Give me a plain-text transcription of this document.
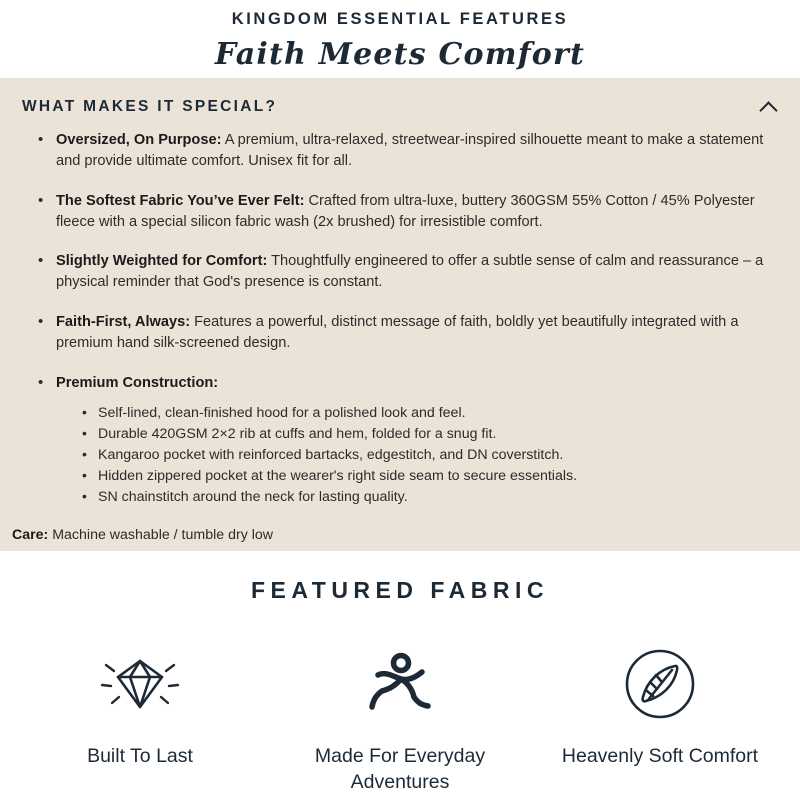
KINGDOM ESSENTIAL FEATURES
Faith Meets Comfort
WHAT MAKES IT SPECIAL?
• Oversized, On Purpose: A premium, ultra-relaxed, streetwear-inspired silhouette meant to make a statement and provide ultimate comfort. Unisex fit for all.
• The Softest Fabric You’ve Ever Felt: Crafted from ultra-luxe, buttery 360GSM 55% Cotton / 45% Polyester fleece with a special silicon fabric wash (2x brushed) for irresistible comfort.
• Slightly Weighted for Comfort: Thoughtfully engineered to offer a subtle sense of calm and reassurance – a physical reminder that God's presence is constant.
• Faith-First, Always: Features a powerful, distinct message of faith, boldly yet beautifully integrated with a premium hand silk-screened design.
• Premium Construction:
• Self-lined, clean-finished hood for a polished look and feel.
• Durable 420GSM 2×2 rib at cuffs and hem, folded for a snug fit.
• Kangaroo pocket with reinforced bartacks, edgestitch, and DN coverstitch.
• Hidden zippered pocket at the wearer's right side seam to secure essentials.
• SN chainstitch around the neck for lasting quality.
Care: Machine washable / tumble dry low
FEATURED FABRIC
Built To Last	Made For Everyday Adventures
Heavenly Soft Comfort
